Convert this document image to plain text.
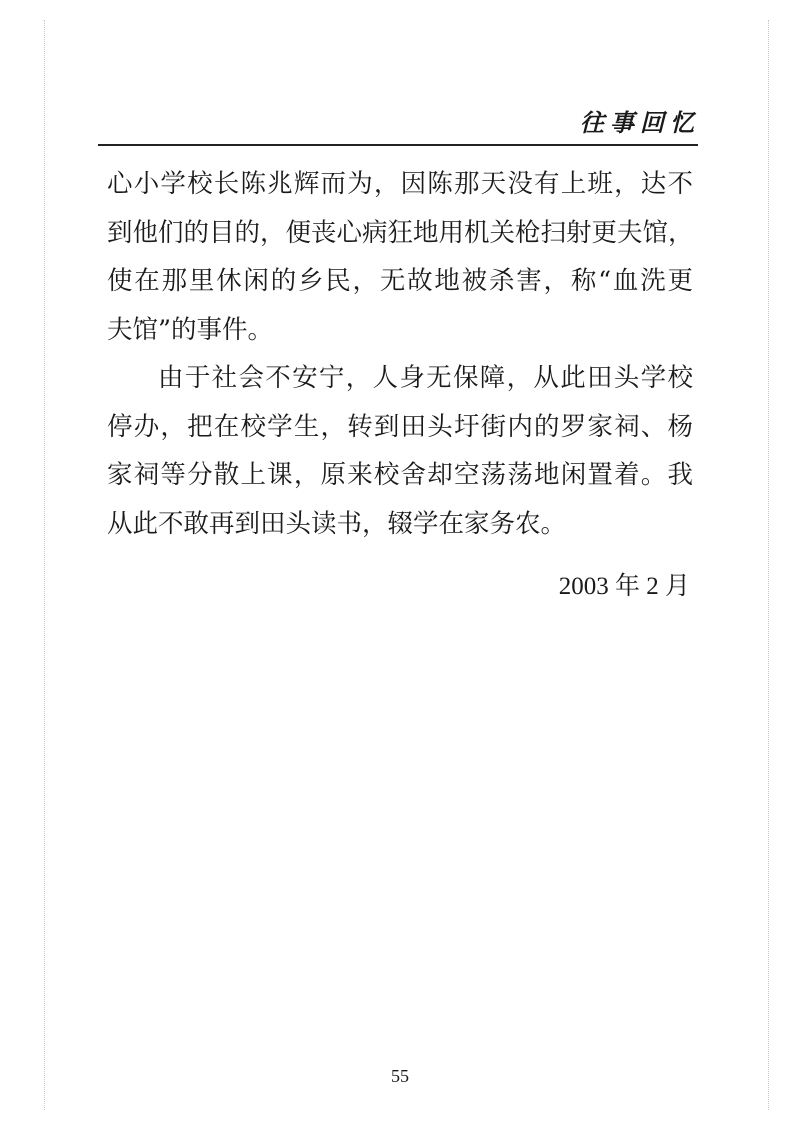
往事回忆

心小学校长陈兆辉而为，因陈那天没有上班，达不
到他们的目的，便丧心病狂地用机关枪扫射更夫馆，
使在那里休闲的乡民，无故地被杀害，称“血洗更
夫馆”的事件。

由于社会不安宁，人身无保障，从此田头学校
停办，把在校学生，转到田头圩街内的罗家祠、杨
家祠等分散上课，原来校舍却空荡荡地闲置着。我
从此不敢再到田头读书，辍学在家务农。

2003 年 2 月
55
